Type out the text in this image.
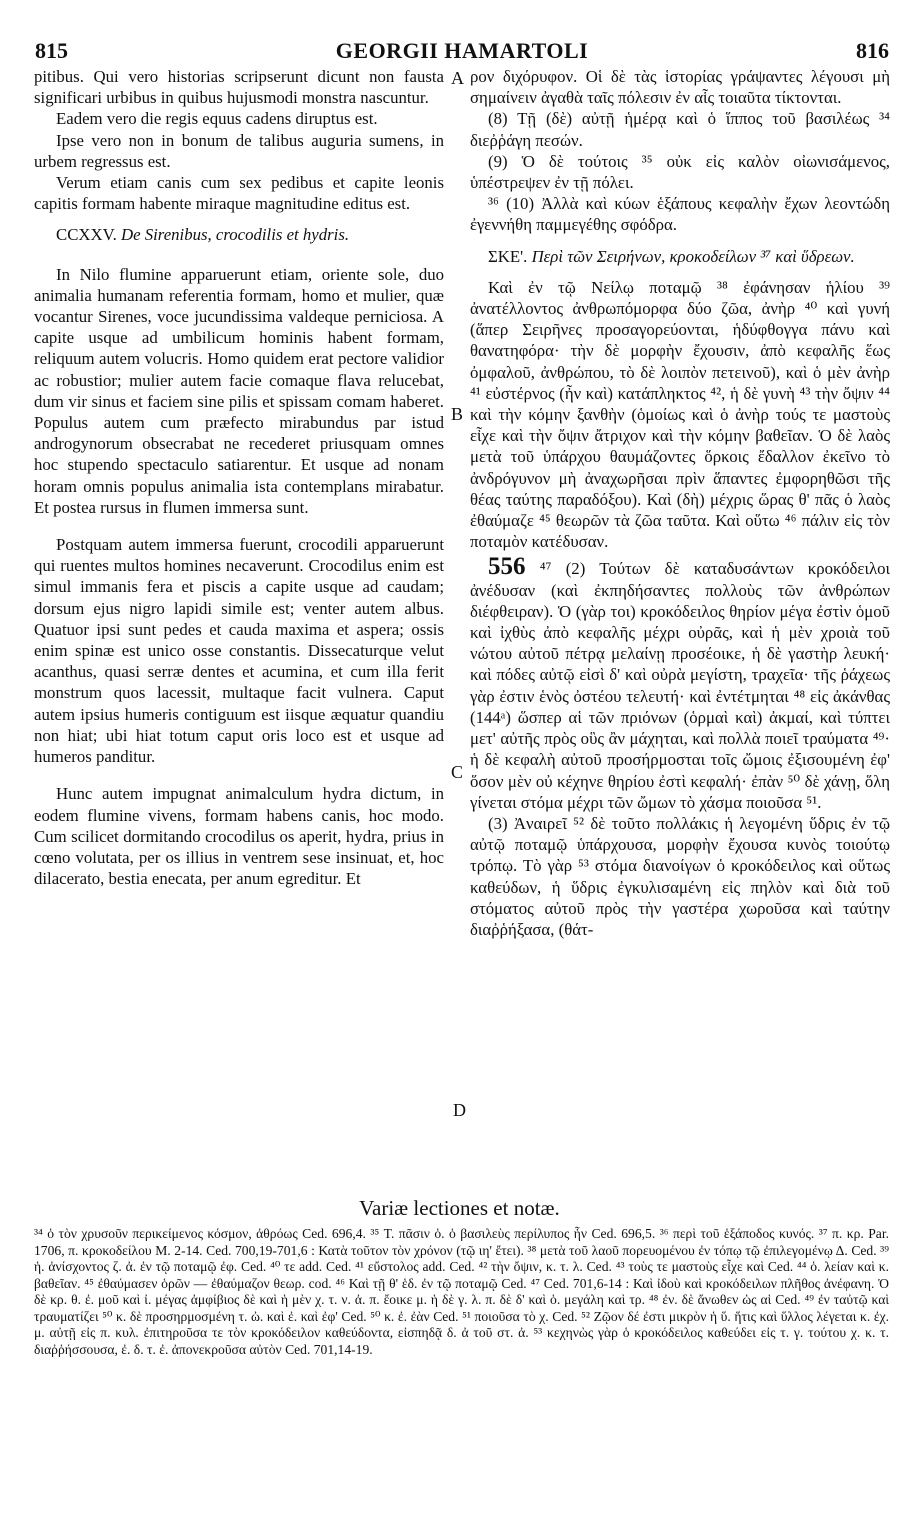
815	GEORGII HAMARTOLI	816
A
B
C
D

pitibus. Qui vero historias scripserunt dicunt non fausta significari urbibus in quibus hujusmodi monstra nascuntur.

Eadem vero die regis equus cadens diruptus est.

Ipse vero non in bonum de talibus auguria sumens, in urbem regressus est.

Verum etiam canis cum sex pedibus et capite leonis capitis formam habente miraque magnitudine editus est.

CCXXV. De Sirenibus, crocodilis et hydris.

In Nilo flumine apparuerunt etiam, oriente sole, duo animalia humanam referentia formam, homo et mulier, quæ vocantur Sirenes, voce jucundissima valdeque perniciosa. A capite usque ad umbilicum hominis habent formam, reliquum autem volucris. Homo quidem erat pectore validior ac robustior; mulier autem facie comaque flava relucebat, dum vir sinus et faciem sine pilis et spissam comam haberet. Populus autem cum præfecto mirabundus par istud androgynorum obsecrabat ne recederet priusquam omnes hoc stupendo spectaculo satiarentur. Et usque ad nonam horam omnis populus animalia ista contemplans mirabatur. Et postea rursus in flumen immersa sunt.

Postquam autem immersa fuerunt, crocodili apparuerunt qui ruentes multos homines necaverunt. Crocodilus enim est simul immanis fera et piscis a capite usque ad caudam; dorsum ejus nigro lapidi simile est; venter autem albus. Quatuor ipsi sunt pedes et cauda maxima et aspera; ossis enim spinæ est unico osse constantis. Dissecaturque velut acanthus, quasi serræ dentes et acumina, et cum illa ferit monstrum quos lacessit, multaque facit vulnera. Caput autem ipsius humeris contiguum est iisque æquatur quandiu non hiat; ubi hiat totum caput oris loco est et usque ad humeros panditur.

Hunc autem impugnat animalculum hydra dictum, in eodem flumine vivens, formam habens canis, hoc modo. Cum scilicet dormitando crocodilus os aperit, hydra, prius in cœno volutata, per os illius in ventrem sese insinuat, et, hoc dilacerato, bestia enecata, per anum egreditur. Et

ρον διχόρυφον. Οἱ δὲ τὰς ἱστορίας γράψαντες λέγουσι μὴ σημαίνειν ἀγαθὰ ταῖς πόλεσιν ἐν αἷς τοιαῦτα τίκτονται.

(8) Τῇ (δὲ) αὐτῇ ἡμέρᾳ καὶ ὁ ἵππος τοῦ βασιλέως ³⁴ διεῤῥάγη πεσών.

(9) Ὁ δὲ τούτοις ³⁵ οὐκ εἰς καλὸν οἰωνισάμενος, ὑπέστρεψεν ἐν τῇ πόλει.

³⁶ (10) Ἀλλὰ καὶ κύων ἑξάπους κεφαλὴν ἔχων λεοντώδη ἐγεννήθη παμμεγέθης σφόδρα.

ΣΚΕ'. Περὶ τῶν Σειρήνων, κροκοδείλων ³⁷ καὶ ὕδρεων.

Καὶ ἐν τῷ Νείλῳ ποταμῷ ³⁸ ἐφάνησαν ἡλίου ³⁹ ἀνατέλλοντος ἀνθρωπόμορφα δύο ζῶα, ἀνὴρ ⁴⁰ καὶ γυνή (ἅπερ Σειρῆνες προσαγορεύονται, ἡδύφθογγα πάνυ καὶ θανατηφόρα· τὴν δὲ μορφὴν ἔχουσιν, ἀπὸ κεφαλῆς ἕως ὀμφαλοῦ, ἀνθρώπου, τὸ δὲ λοιπὸν πετεινοῦ), καὶ ὁ μὲν ἀνὴρ ⁴¹ εὐστέρνος (ἦν καὶ) κατάπληκτος ⁴², ἡ δὲ γυνὴ ⁴³ τὴν ὄψιν ⁴⁴ καὶ τὴν κόμην ξανθὴν (ὁμοίως καὶ ὁ ἀνὴρ τούς τε μαστοὺς εἶχε καὶ τὴν ὄψιν ἄτριχον καὶ τὴν κόμην βαθεῖαν. Ὁ δὲ λαὸς μετὰ τοῦ ὑπάρχου θαυμάζοντες ὅρκοις ἔδαλλον ἐκεῖνο τὸ ἀνδρόγυνον μὴ ἀναχωρῆσαι πρὶν ἅπαντες ἐμφορηθῶσι τῆς θέας ταύτης παραδόξου). Καὶ (δὴ) μέχρις ὥρας θ' πᾶς ὁ λαὸς ἐθαύμαζε ⁴⁵ θεωρῶν τὰ ζῶα ταῦτα. Καὶ οὕτω ⁴⁶ πάλιν εἰς τὸν ποταμὸν κατέδυσαν.

556 ⁴⁷ (2) Τούτων δὲ καταδυσάντων κροκόδειλοι ἀνέδυσαν (καὶ ἐκπηδήσαντες πολλοὺς τῶν ἀνθρώπων διέφθειραν). Ὁ (γὰρ τοι) κροκόδειλος θηρίον μέγα ἐστὶν ὁμοῦ καὶ ἰχθὺς ἀπὸ κεφαλῆς μέχρι οὐρᾶς, καὶ ἡ μὲν χροιὰ τοῦ νώτου αὐτοῦ πέτρᾳ μελαίνῃ προσέοικε, ἡ δὲ γαστὴρ λευκή· καὶ πόδες αὐτῷ εἰσὶ δ' καὶ οὐρὰ μεγίστη, τραχεῖα· τῆς ῥάχεως γὰρ ἐστιν ἑνὸς ὀστέου τελευτή· καὶ ἐντέτμηται ⁴⁸ εἰς ἀκάνθας (144ᵃ) ὥσπερ αἱ τῶν πριόνων (ὁρμαὶ καὶ) ἀκμαί, καὶ τύπτει μετ' αὐτῆς πρὸς οὓς ἂν μάχηται, καὶ πολλὰ ποιεῖ τραύματα ⁴⁹· ἡ δὲ κεφαλὴ αὐτοῦ προσήρμοσται τοῖς ὤμοις ἐξισουμένη ἐφ' ὅσον μὲν οὐ κέχηνε θηρίου ἐστὶ κεφαλή· ἐπὰν ⁵⁰ δὲ χάνῃ, ὅλη γίνεται στόμα μέχρι τῶν ὤμων τὸ χάσμα ποιοῦσα ⁵¹.

(3) Ἀναιρεῖ ⁵² δὲ τοῦτο πολλάκις ἡ λεγομένη ὕδρις ἐν τῷ αὐτῷ ποταμῷ ὑπάρχουσα, μορφὴν ἔχουσα κυνὸς τοιούτῳ τρόπῳ. Τὸ γὰρ ⁵³ στόμα διανοίγων ὁ κροκόδειλος καὶ οὕτως καθεύδων, ἡ ὕδρις ἐγκυλισαμένη εἰς πηλὸν καὶ διὰ τοῦ στόματος αὐτοῦ πρὸς τὴν γαστέρα χωροῦσα καὶ ταύτην διαῤῥήξασα, (θάτ-

Variæ lectiones et notæ.

³⁴ ὁ τὸν χρυσοῦν περικείμενος κόσμον, ἀθρόως Ced. 696,4. ³⁵ Τ. πᾶσιν ὁ. ὁ βασιλεὺς περίλυπος ἦν Ced. 696,5. ³⁶ περὶ τοῦ ἑξάποδος κυνός. ³⁷ π. κρ. Par. 1706, π. κροκοδείλου M. 2-14. Ced. 700,19-701,6 : Κατὰ τοῦτον τὸν χρόνον (τῷ ιη' ἔτει). ³⁸ μετὰ τοῦ λαοῦ πορευομένου ἐν τόπῳ τῷ ἐπιλεγομένῳ Δ. Ced. ³⁹ ἡ. ἀνίσχοντος ζ. ἀ. ἐν τῷ ποταμῷ ἐφ. Ced. ⁴⁰ τε add. Ced. ⁴¹ εὔστολος add. Ced. ⁴² τὴν ὄψιν, κ. τ. λ. Ced. ⁴³ τοὺς τε μαστοὺς εἶχε καὶ Ced. ⁴⁴ ὁ. λείαν καὶ κ. βαθεῖαν. ⁴⁵ ἐθαύμασεν ὁρῶν — ἐθαύμαζον θεωρ. cod. ⁴⁶ Καὶ τῇ θ' ἑδ. ἐν τῷ ποταμῷ Ced. ⁴⁷ Ced. 701,6-14 : Καὶ ἰδοὺ καὶ κροκόδειλων πλῆθος ἀνέφανη. Ὁ δὲ κρ. θ. ἐ. μοῦ καὶ ἰ. μέγας ἀμφίβιος δὲ καὶ ἡ μὲν χ. τ. ν. ἀ. π. ἔοικε μ. ἡ δὲ γ. λ. π. δὲ δ' καὶ ὁ. μεγάλη καὶ τρ. ⁴⁸ ἐν. δὲ ἄνωθεν ὡς αἱ Ced. ⁴⁹ ἐν ταὐτῷ καὶ τραυματίζει ⁵⁰ κ. δὲ προσηρμοσμένη τ. ὠ. καὶ ἐ. καὶ ἐφ' Ced. ⁵⁰ κ. ἐ. ἐὰν Ced. ⁵¹ ποιοῦσα τὸ χ. Ced. ⁵² Ζῷον δέ ἐστι μικρὸν ἡ ὕ. ἥτις καὶ ὕλλος λέγεται κ. ἐχ. μ. αὐτῇ εἰς π. κυλ. ἐπιτηροῦσα τε τὸν κροκόδειλον καθεύδοντα, εἰσπηδᾷ δ. ἀ τοῦ στ. ἀ. ⁵³ κεχηνὼς γὰρ ὁ κροκόδειλος καθεύδει εἰς τ. γ. τούτου χ. κ. τ. διαῤῥήσσουσα, ἐ. δ. τ. ἐ. ἀπονεκροῦσα αὐτὸν Ced. 701,14-19.
